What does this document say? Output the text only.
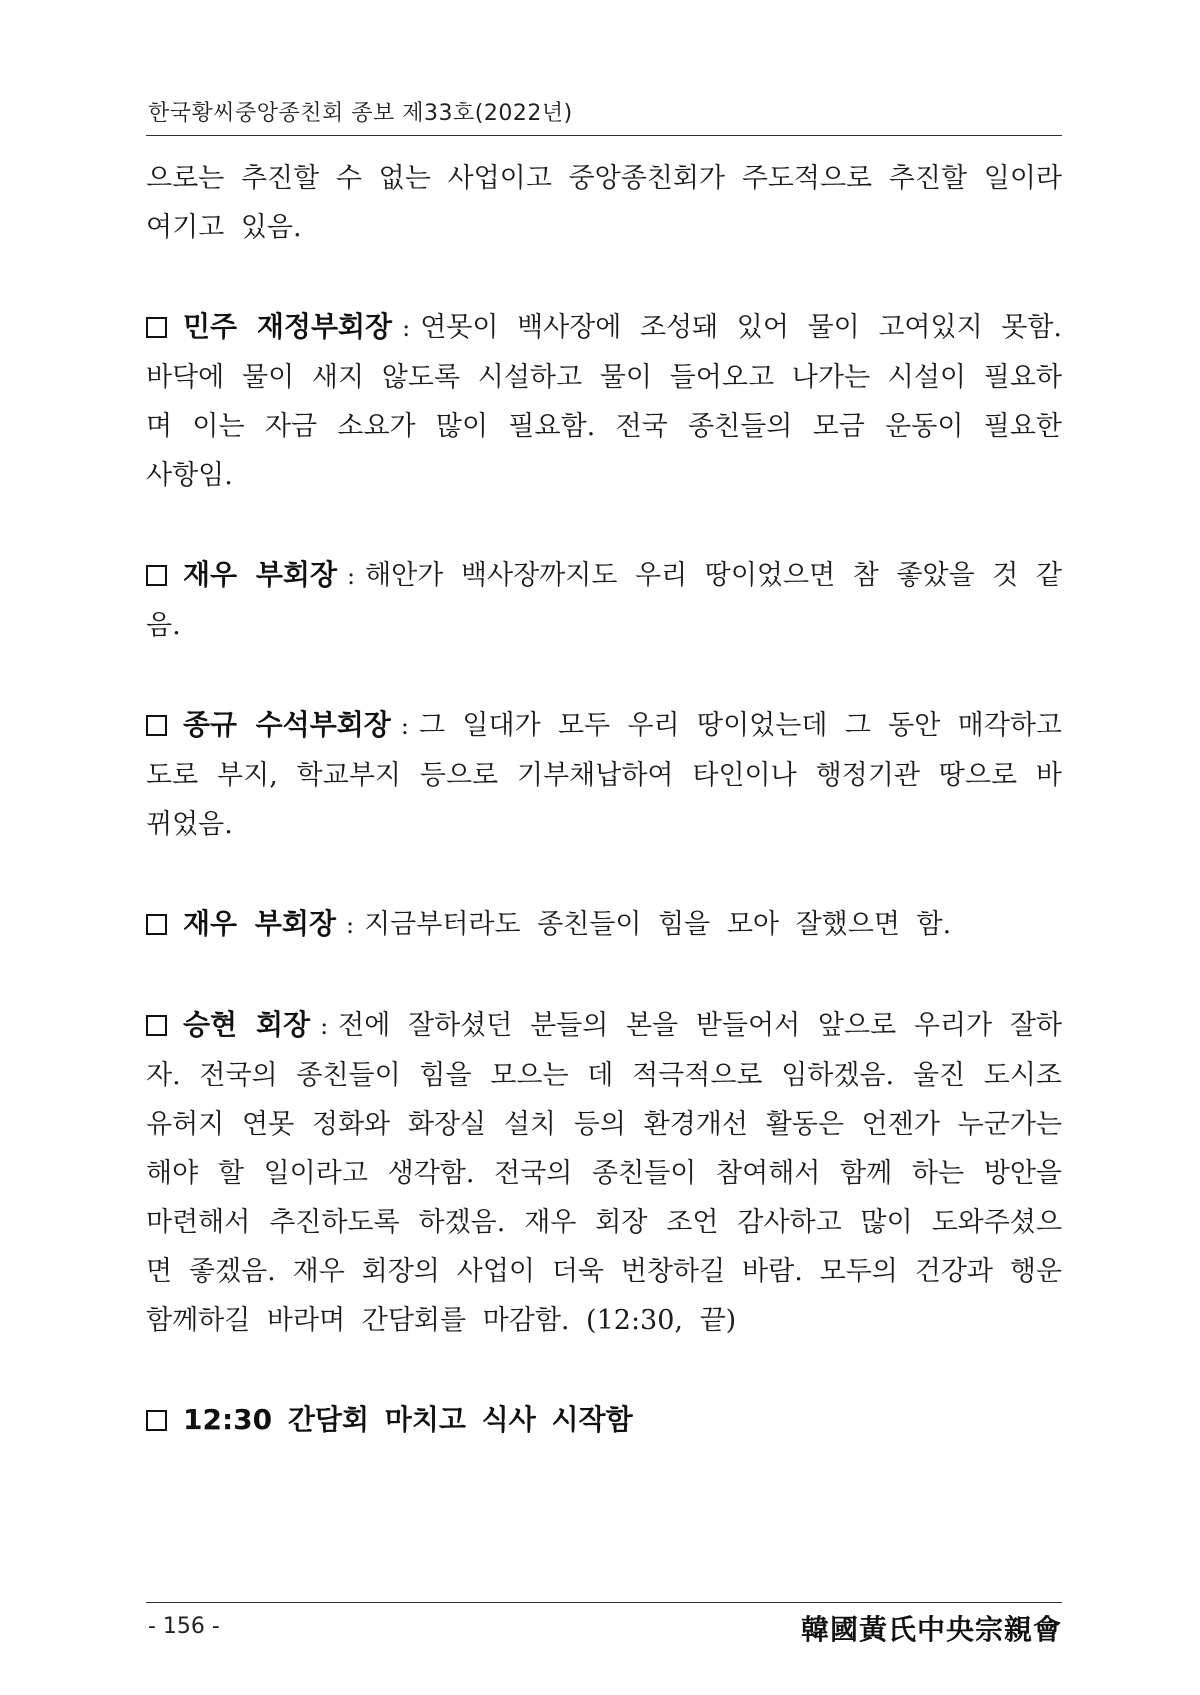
한국황씨중앙종친회 종보 제33호(2022년)

으로는 추진할 수 없는 사업이고 중앙종친회가 주도적으로 추진할 일이라 여기고 있음.

민주 재정부회장 : 연못이 백사장에 조성돼 있어 물이 고여있지 못함. 바닥에 물이 새지 않도록 시설하고 물이 들어오고 나가는 시설이 필요하며 이는 자금 소요가 많이 필요함. 전국 종친들의 모금 운동이 필요한 사항임.

재우 부회장 : 해안가 백사장까지도 우리 땅이었으면 참 좋았을 것 같음.

종규 수석부회장 : 그 일대가 모두 우리 땅이었는데 그 동안 매각하고 도로 부지, 학교부지 등으로 기부채납하여 타인이나 행정기관 땅으로 바뀌었음.

재우 부회장 : 지금부터라도 종친들이 힘을 모아 잘했으면 함.

승현 회장 : 전에 잘하셨던 분들의 본을 받들어서 앞으로 우리가 잘하자. 전국의 종친들이 힘을 모으는 데 적극적으로 임하겠음. 울진 도시조 유허지 연못 정화와 화장실 설치 등의 환경개선 활동은 언젠가 누군가는 해야 할 일이라고 생각함. 전국의 종친들이 참여해서 함께 하는 방안을 마련해서 추진하도록 하겠음. 재우 회장 조언 감사하고 많이 도와주셨으면 좋겠음. 재우 회장의 사업이 더욱 번창하길 바람. 모두의 건강과 행운 함께하길 바라며 간담회를 마감함. (12:30, 끝)

12:30 간담회 마치고 식사 시작함
- 156 -	韓國黃氏中央宗親會
